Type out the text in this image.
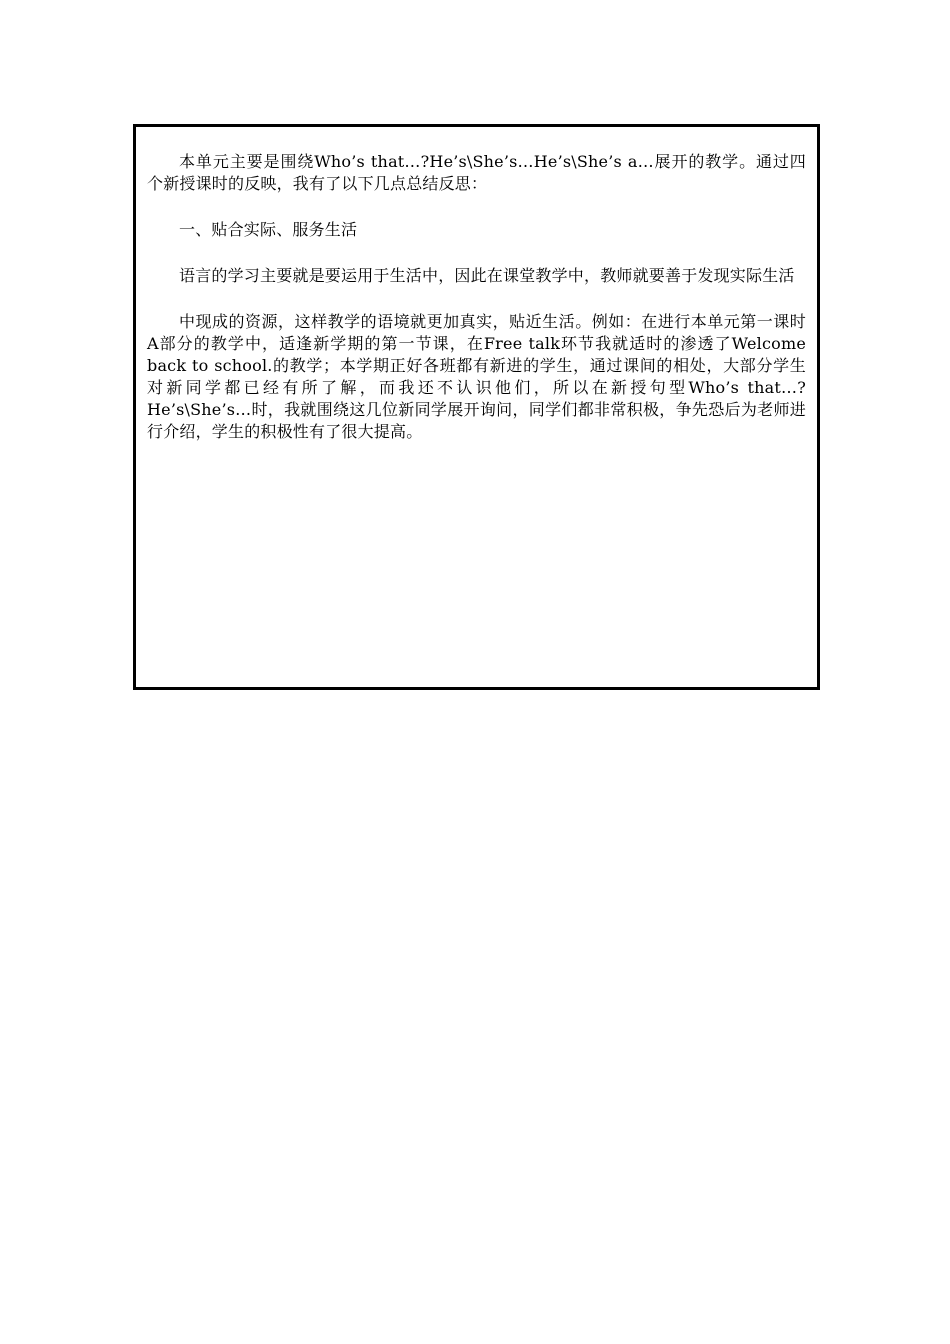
本单元主要是围绕Who’s that…?He’s\She’s…He’s\She’s a…展开的教学。通过四个新授课时的反映，我有了以下几点总结反思：

一、贴合实际、服务生活

语言的学习主要就是要运用于生活中，因此在课堂教学中，教师就要善于发现实际生活

中现成的资源，这样教学的语境就更加真实，贴近生活。例如：在进行本单元第一课时A部分的教学中，适逢新学期的第一节课，在Free talk环节我就适时的渗透了Welcome back to school.的教学；本学期正好各班都有新进的学生，通过课间的相处，大部分学生对新同学都已经有所了解，而我还不认识他们，所以在新授句型Who’s that…?He’s\She’s…时，我就围绕这几位新同学展开询问，同学们都非常积极，争先恐后为老师进行介绍，学生的积极性有了很大提高。
